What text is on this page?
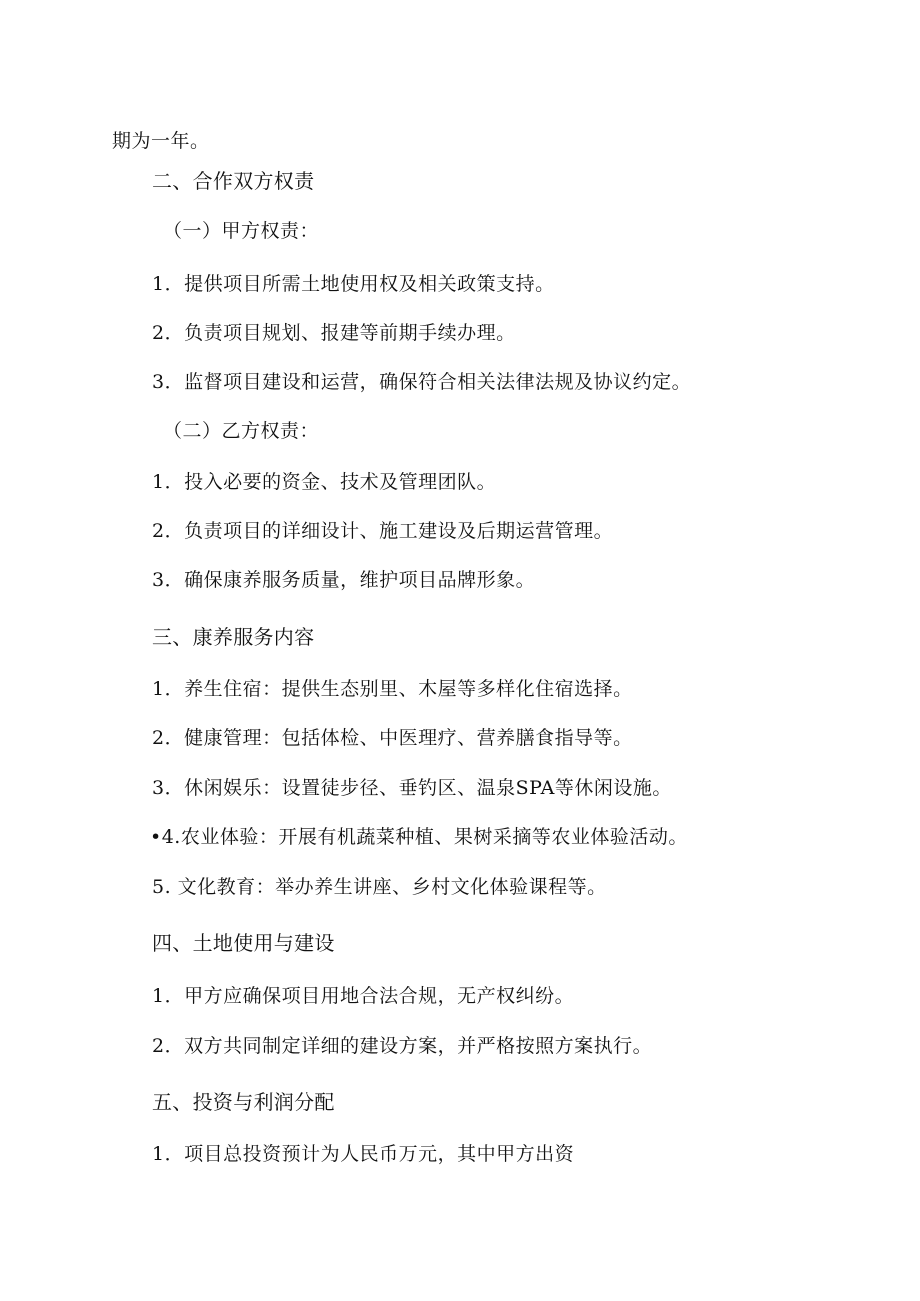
期为一年。
二、合作双方权责
（一）甲方权责：
1．提供项目所需土地使用权及相关政策支持。
2．负责项目规划、报建等前期手续办理。
3．监督项目建设和运营，确保符合相关法律法规及协议约定。
（二）乙方权责：
1．投入必要的资金、技术及管理团队。
2．负责项目的详细设计、施工建设及后期运营管理。
3．确保康养服务质量，维护项目品牌形象。
三、康养服务内容
1．养生住宿：提供生态别里、木屋等多样化住宿选择。
2．健康管理：包括体检、中医理疗、营养膳食指导等。
3．休闲娱乐：设置徒步径、垂钓区、温泉SPA等休闲设施。
•4.农业体验：开展有机蔬菜种植、果树采摘等农业体验活动。
5. 文化教育：举办养生讲座、乡村文化体验课程等。
四、土地使用与建设
1．甲方应确保项目用地合法合规，无产权纠纷。
2．双方共同制定详细的建设方案，并严格按照方案执行。
五、投资与利润分配
1．项目总投资预计为人民币万元，其中甲方出资
